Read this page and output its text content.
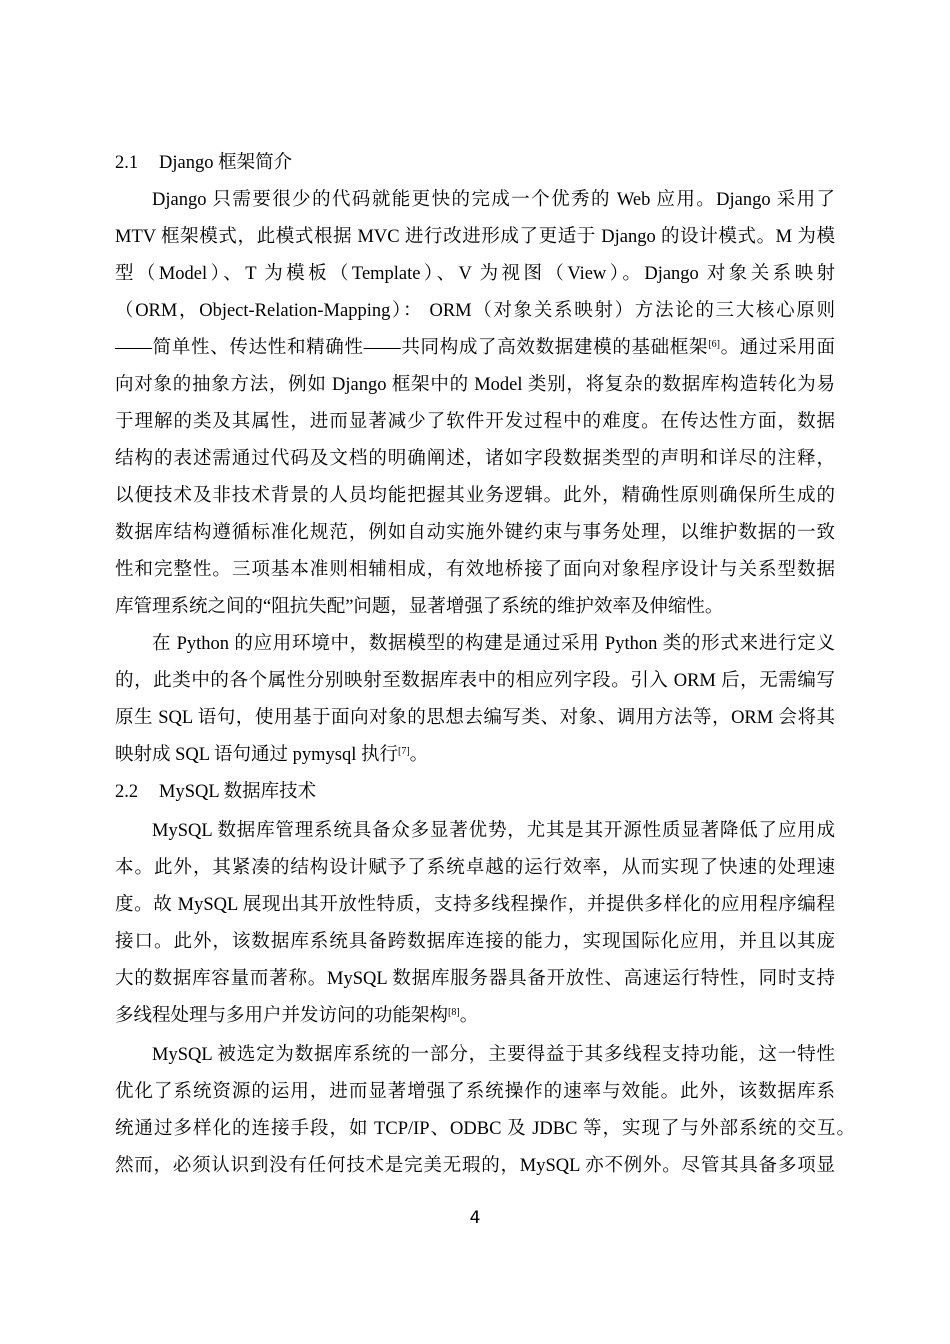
2.1 Django 框架简介
Django 只需要很少的代码就能更快的完成一个优秀的 Web 应用。Django 采用了
MTV 框架模式，此模式根据 MVC 进行改进形成了更适于 Django 的设计模式。M 为模
型（Model）、T 为模板（Template）、V 为视图（View）。Django 对象关系映射
（ORM，Object-Relation-Mapping）： ORM（对象关系映射）方法论的三大核心原则
——简单性、传达性和精确性——共同构成了高效数据建模的基础框架[6]。通过采用面
向对象的抽象方法，例如 Django 框架中的 Model 类别，将复杂的数据库构造转化为易
于理解的类及其属性，进而显著减少了软件开发过程中的难度。在传达性方面，数据
结构的表述需通过代码及文档的明确阐述，诸如字段数据类型的声明和详尽的注释，
以便技术及非技术背景的人员均能把握其业务逻辑。此外，精确性原则确保所生成的
数据库结构遵循标准化规范，例如自动实施外键约束与事务处理，以维护数据的一致
性和完整性。三项基本准则相辅相成，有效地桥接了面向对象程序设计与关系型数据
库管理系统之间的“阻抗失配”问题，显著增强了系统的维护效率及伸缩性。
在 Python 的应用环境中，数据模型的构建是通过采用 Python 类的形式来进行定义
的，此类中的各个属性分别映射至数据库表中的相应列字段。引入 ORM 后，无需编写
原生 SQL 语句，使用基于面向对象的思想去编写类、对象、调用方法等，ORM 会将其
映射成 SQL 语句通过 pymysql 执行[7]。
2.2 MySQL 数据库技术
MySQL 数据库管理系统具备众多显著优势，尤其是其开源性质显著降低了应用成
本。此外，其紧凑的结构设计赋予了系统卓越的运行效率，从而实现了快速的处理速
度。故 MySQL 展现出其开放性特质，支持多线程操作，并提供多样化的应用程序编程
接口。此外，该数据库系统具备跨数据库连接的能力，实现国际化应用，并且以其庞
大的数据库容量而著称。MySQL 数据库服务器具备开放性、高速运行特性，同时支持
多线程处理与多用户并发访问的功能架构[8]。
MySQL 被选定为数据库系统的一部分，主要得益于其多线程支持功能，这一特性
优化了系统资源的运用，进而显著增强了系统操作的速率与效能。此外，该数据库系
统通过多样化的连接手段，如 TCP/IP、ODBC 及 JDBC 等，实现了与外部系统的交互。
然而，必须认识到没有任何技术是完美无瑕的，MySQL 亦不例外。尽管其具备多项显
4
